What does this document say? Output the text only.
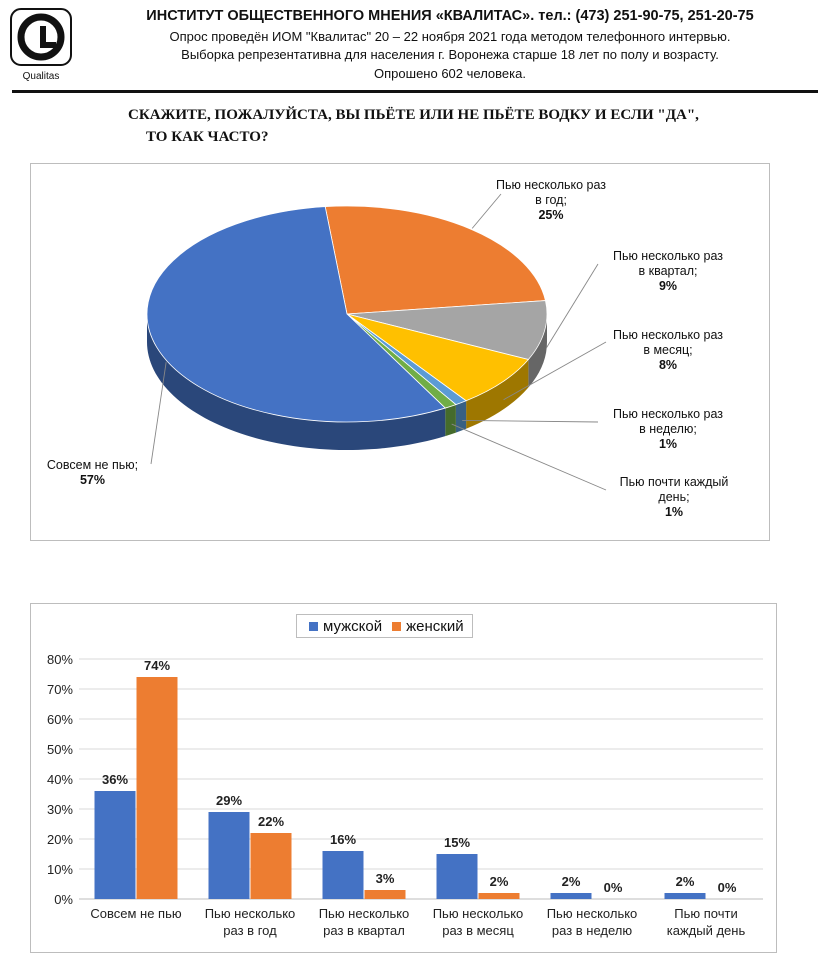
Qualitas
ИНСТИТУТ ОБЩЕСТВЕННОГО МНЕНИЯ «КВАЛИТАС». тел.: (473) 251-90-75, 251-20-75
Опрос проведён ИОМ "Квалитас" 20 – 22 ноября 2021 года методом телефонного интервью.
Выборка репрезентативна для населения г. Воронежа старше 18 лет по полу и возрасту.
Опрошено 602 человека.
СКАЖИТЕ, ПОЖАЛУЙСТА, ВЫ ПЬЁТЕ ИЛИ НЕ ПЬЁТЕ ВОДКУ И ЕСЛИ "ДА",
ТО КАК ЧАСТО?
Пью несколько раз
в год;
25%
Пью несколько раз
в квартал;
9%
Пью несколько раз
в месяц;
8%
Пью несколько раз
в неделю;
1%
Пью почти каждый
день;
1%
Совсем не пью;
57%
0%
10%
20%
30%
40%
50%
60%
70%
80%
36%
74%
Совсем не пью
29%
22%
Пью несколько
раз в год
16%
3%
Пью несколько
раз в квартал
15%
2%
Пью несколько
раз в месяц
2% 0%
Пью несколько
раз в неделю
2% 0%
Пью почти
каждый день
мужской женский
